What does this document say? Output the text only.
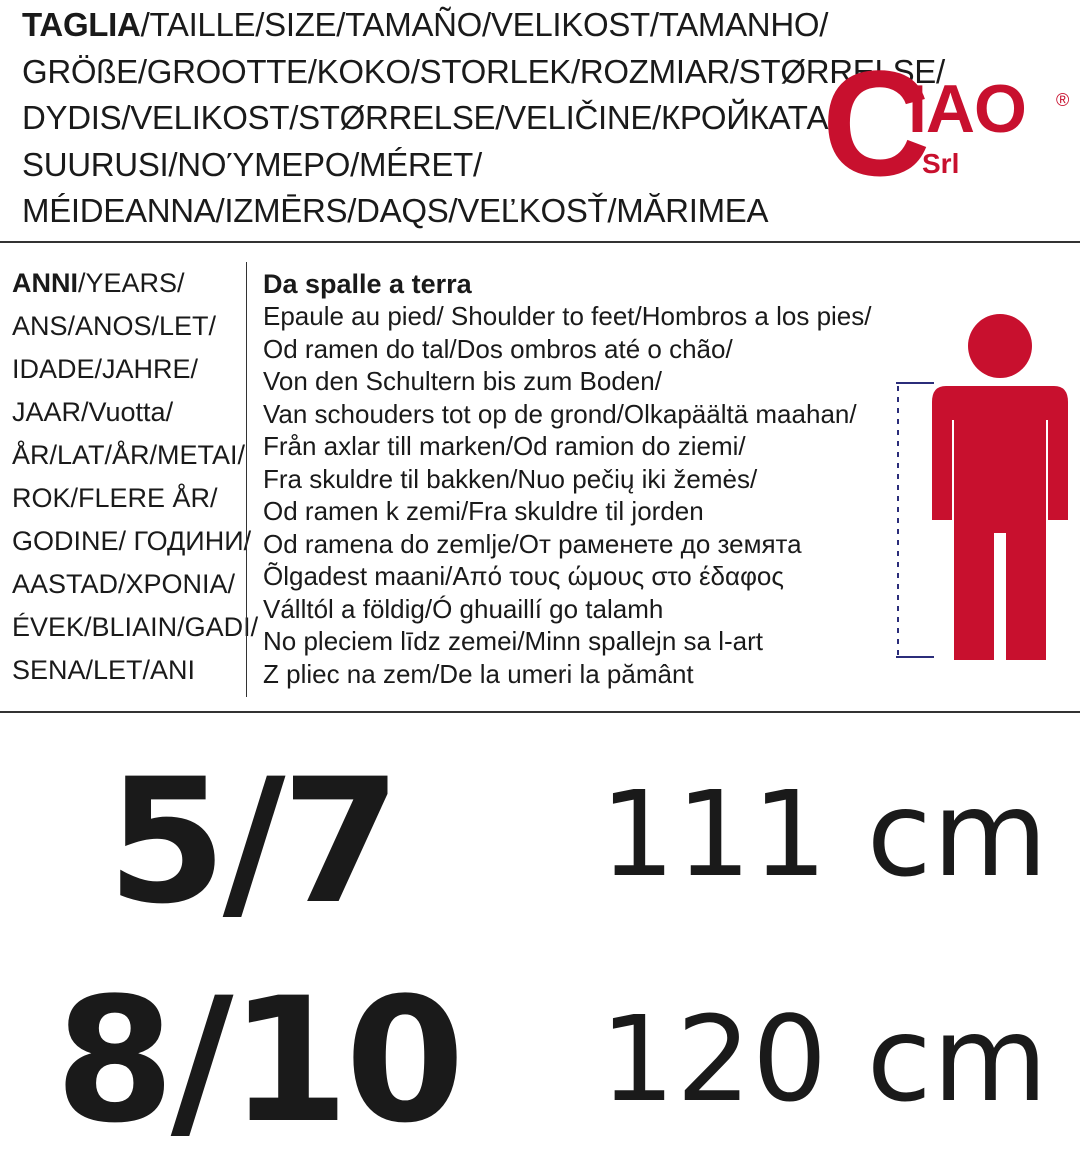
TAGLIA/TAILLE/SIZE/TAMAÑO/VELIKOST/TAMANHO/
GRÖßE/GROOTTE/KOKO/STORLEK/ROZMIAR/STØRRELSE/
DYDIS/VELIKOST/STØRRELSE/VELIČINE/КРОЙКАТА/
SUURUSI/ΝΟΎΜΕΡΟ/MÉRET/
MÉIDEANNA/IZMĒRS/DAQS/VEĽKOSŤ/MĂRIMEA
C
IAO
Srl
®
ANNI/YEARS/
ANS/ANOS/LET/
IDADE/JAHRE/
JAAR/Vuotta/
ÅR/LAT/ÅR/METAI/
ROK/FLERE ÅR/
GODINE/ ГОДИНИ/
AASTAD/ΧΡΟΝΙΑ/
ÉVEK/BLIAIN/GADI/
SENA/LET/ANI
Da spalle a terra
Epaule au pied/ Shoulder to feet/Hombros a los pies/
Od ramen do tal/Dos ombros até o chão/
Von den Schultern bis zum Boden/
Van schouders tot op de grond/Olkapäältä maahan/
Från axlar till marken/Od ramion do ziemi/
Fra skuldre til bakken/Nuo pečių iki žemės/
Od ramen k zemi/Fra skuldre til jorden
Od ramena do zemlje/От раменете до земята
Õlgadest maani/Από τους ώμους στο έδαφος
Válltól a földig/Ó ghuaillí go talamh
No pleciem līdz zemei/Minn spallejn sa l-art
Z pliec na zem/De la umeri la pământ
5/7 111 cm
8/10 120 cm
